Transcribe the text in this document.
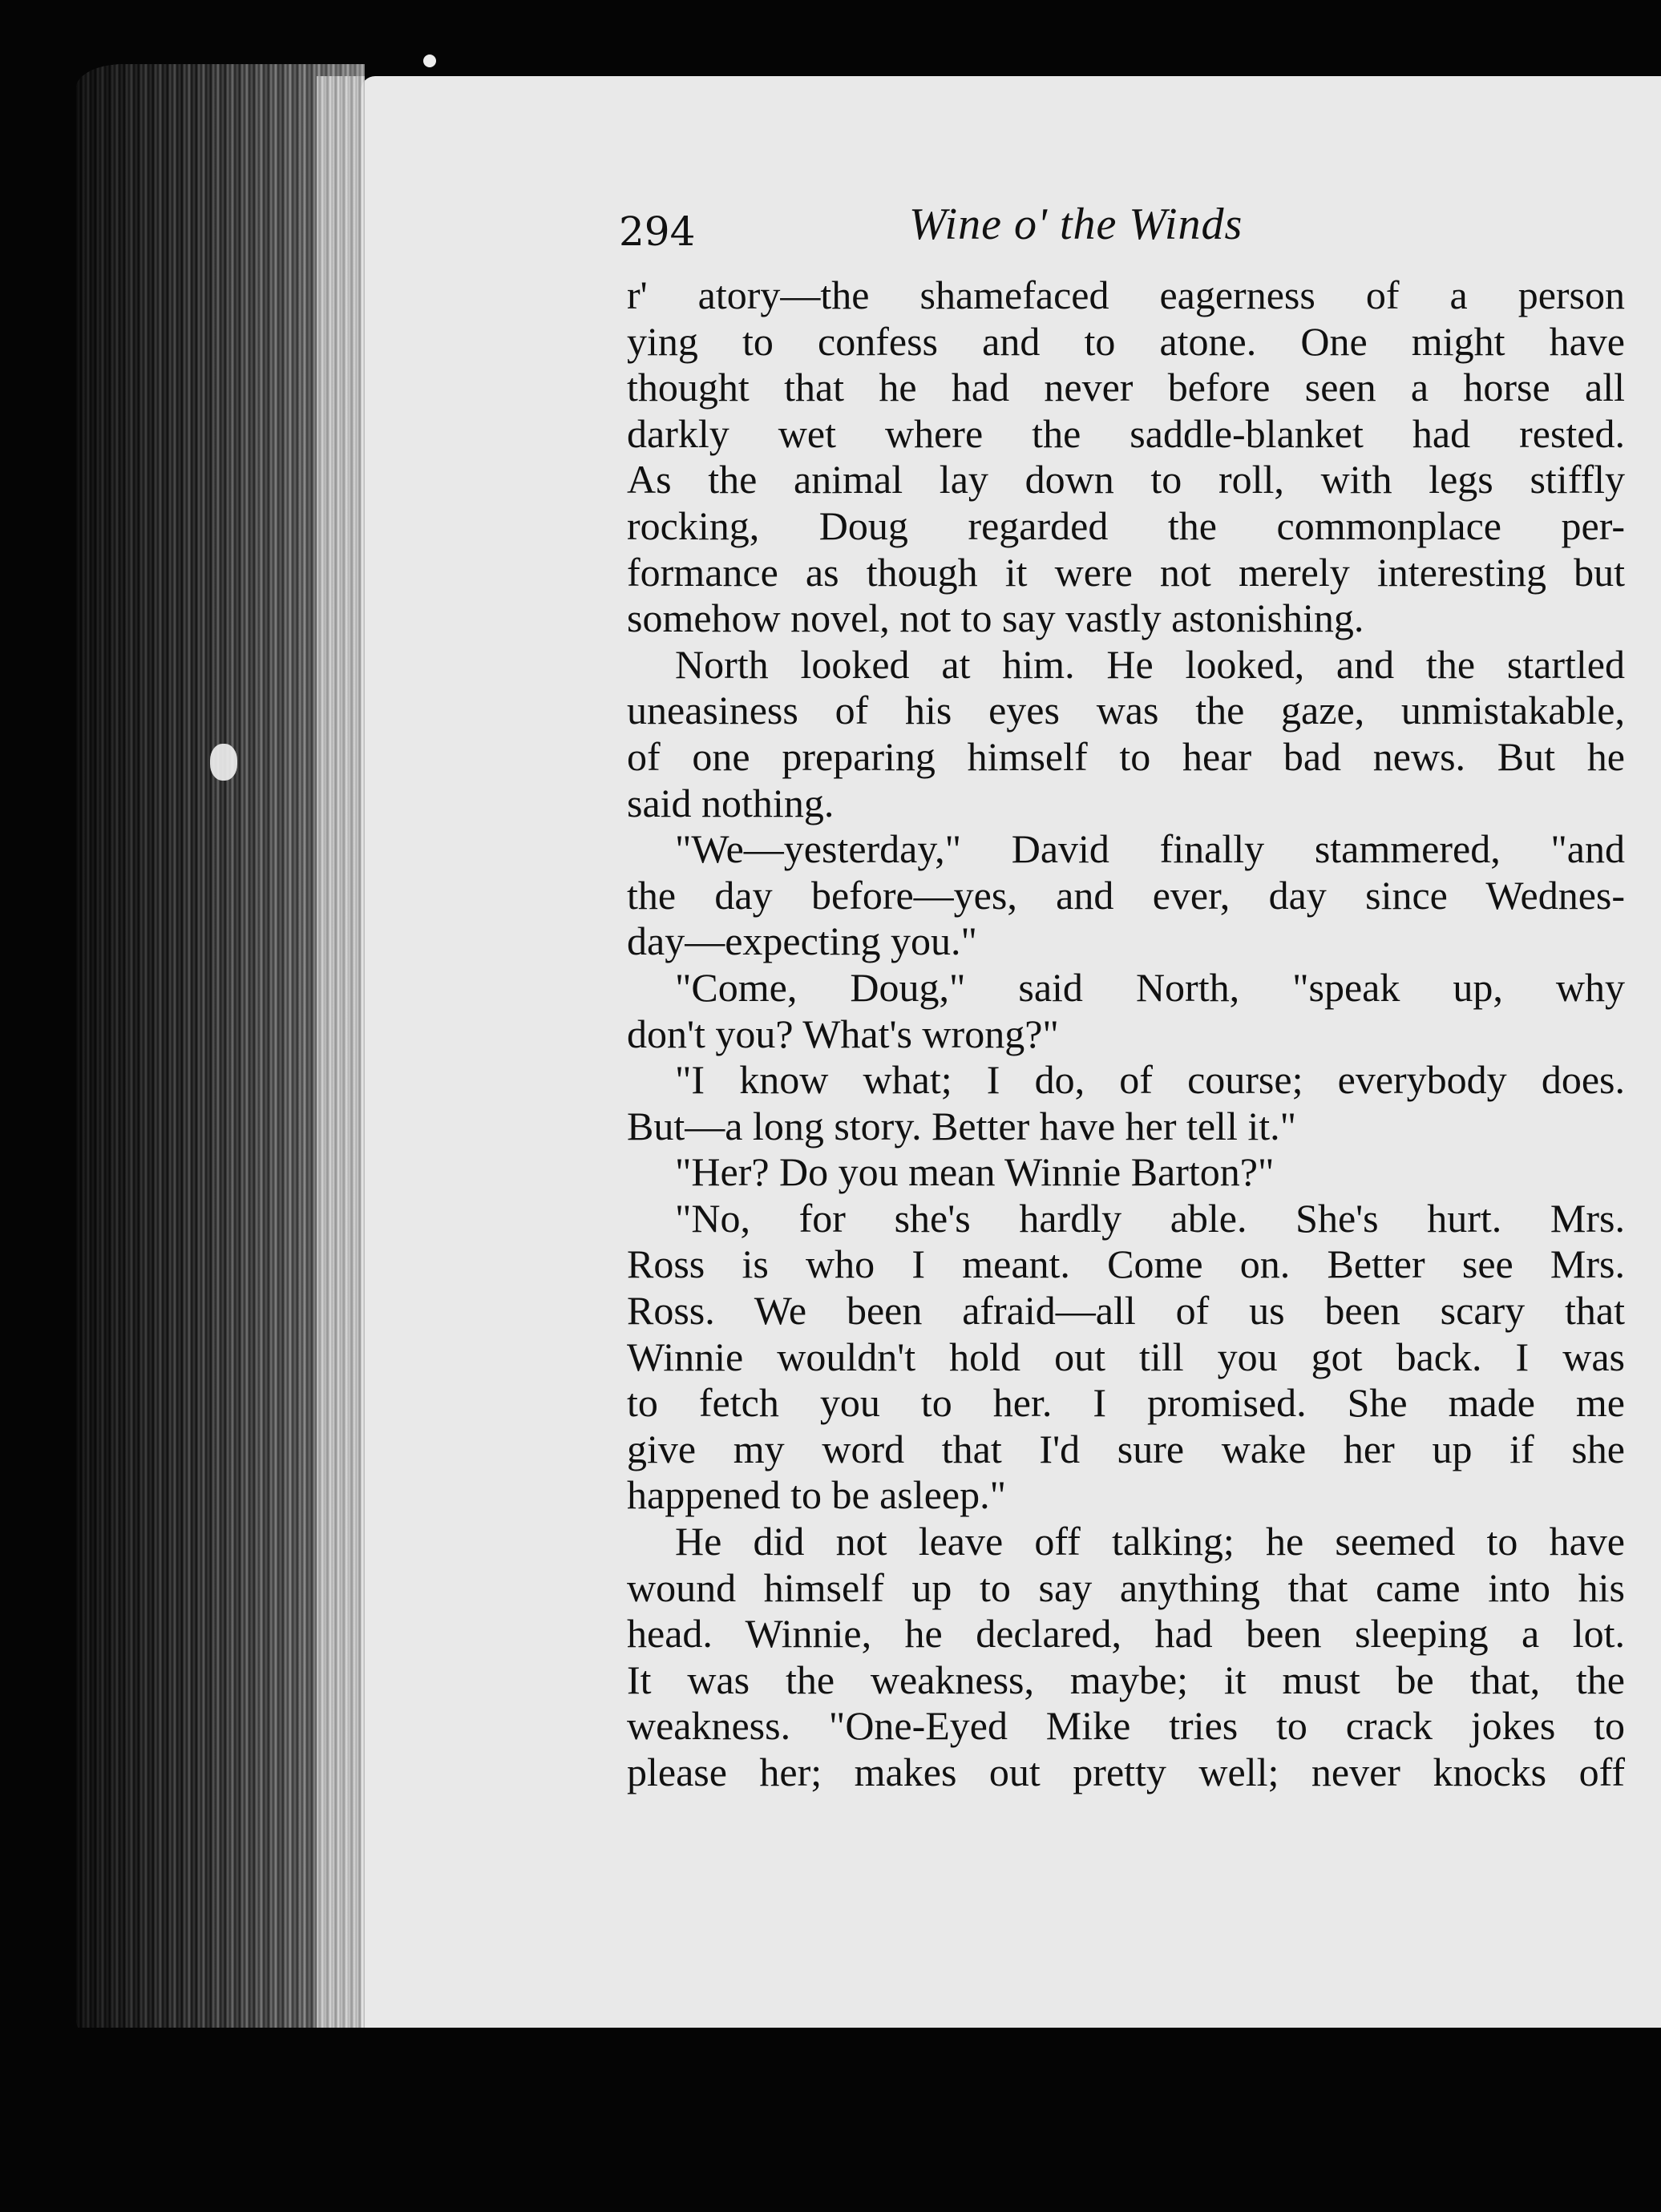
294	Wine o' the Winds
r' atory—the shamefaced eagerness of a person
ying to confess and to atone. One might have
thought that he had never before seen a horse all
darkly wet where the saddle-blanket had rested.
As the animal lay down to roll, with legs stiffly
rocking, Doug regarded the commonplace per-
formance as though it were not merely interesting but
somehow novel, not to say vastly astonishing.
North looked at him. He looked, and the startled
uneasiness of his eyes was the gaze, unmistakable,
of one preparing himself to hear bad news. But he
said nothing.
"We—yesterday," David finally stammered, "and
the day before—yes, and ever, day since Wednes-
day—expecting you."
"Come, Doug," said North, "speak up, why
don't you? What's wrong?"
"I know what; I do, of course; everybody does.
But—a long story. Better have her tell it."
"Her? Do you mean Winnie Barton?"
"No, for she's hardly able. She's hurt. Mrs.
Ross is who I meant. Come on. Better see Mrs.
Ross. We been afraid—all of us been scary that
Winnie wouldn't hold out till you got back. I was
to fetch you to her. I promised. She made me
give my word that I'd sure wake her up if she
happened to be asleep."
He did not leave off talking; he seemed to have
wound himself up to say anything that came into his
head. Winnie, he declared, had been sleeping a lot.
It was the weakness, maybe; it must be that, the
weakness. "One-Eyed Mike tries to crack jokes to
please her; makes out pretty well; never knocks off
